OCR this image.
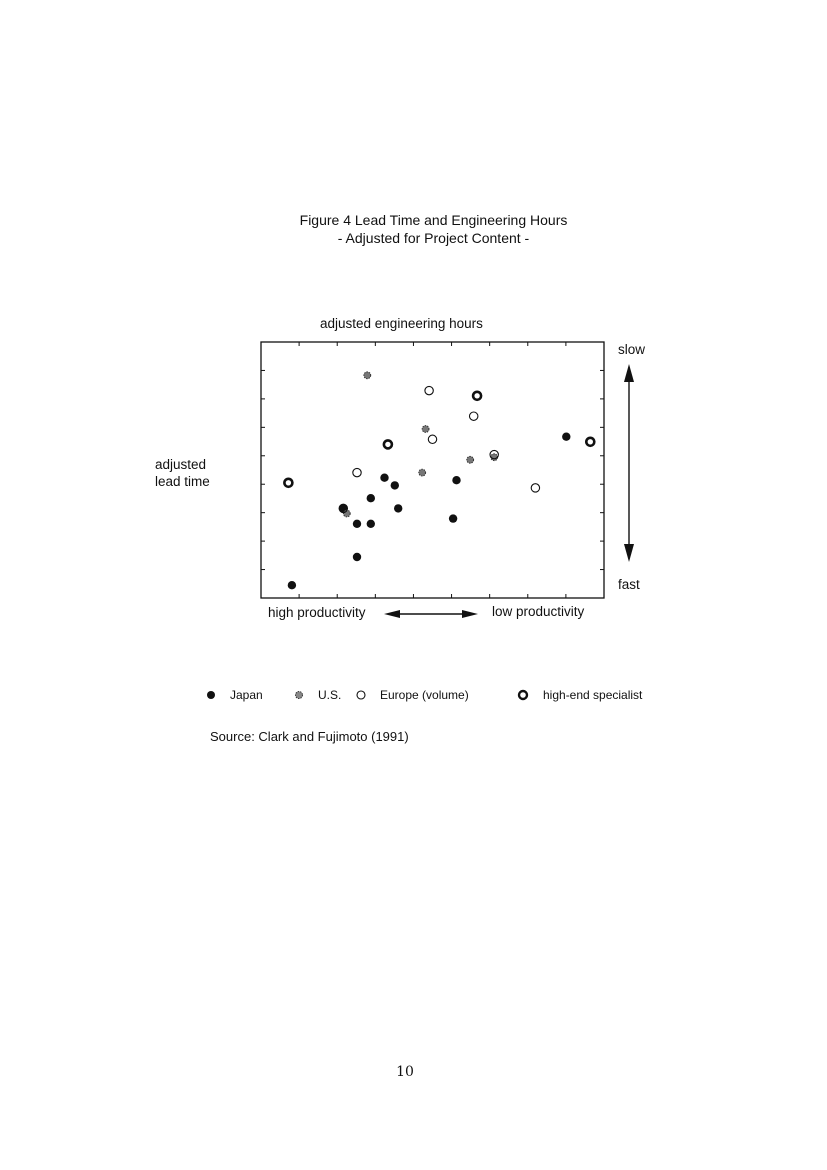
Figure 4 Lead Time and Engineering Hours
- Adjusted for Project Content -
adjusted engineering hours
adjusted lead time
slow
fast
high productivity	low productivity
Japan	U.S.	Europe (volume)	high-end specialist
Source: Clark and Fujimoto (1991)
10
